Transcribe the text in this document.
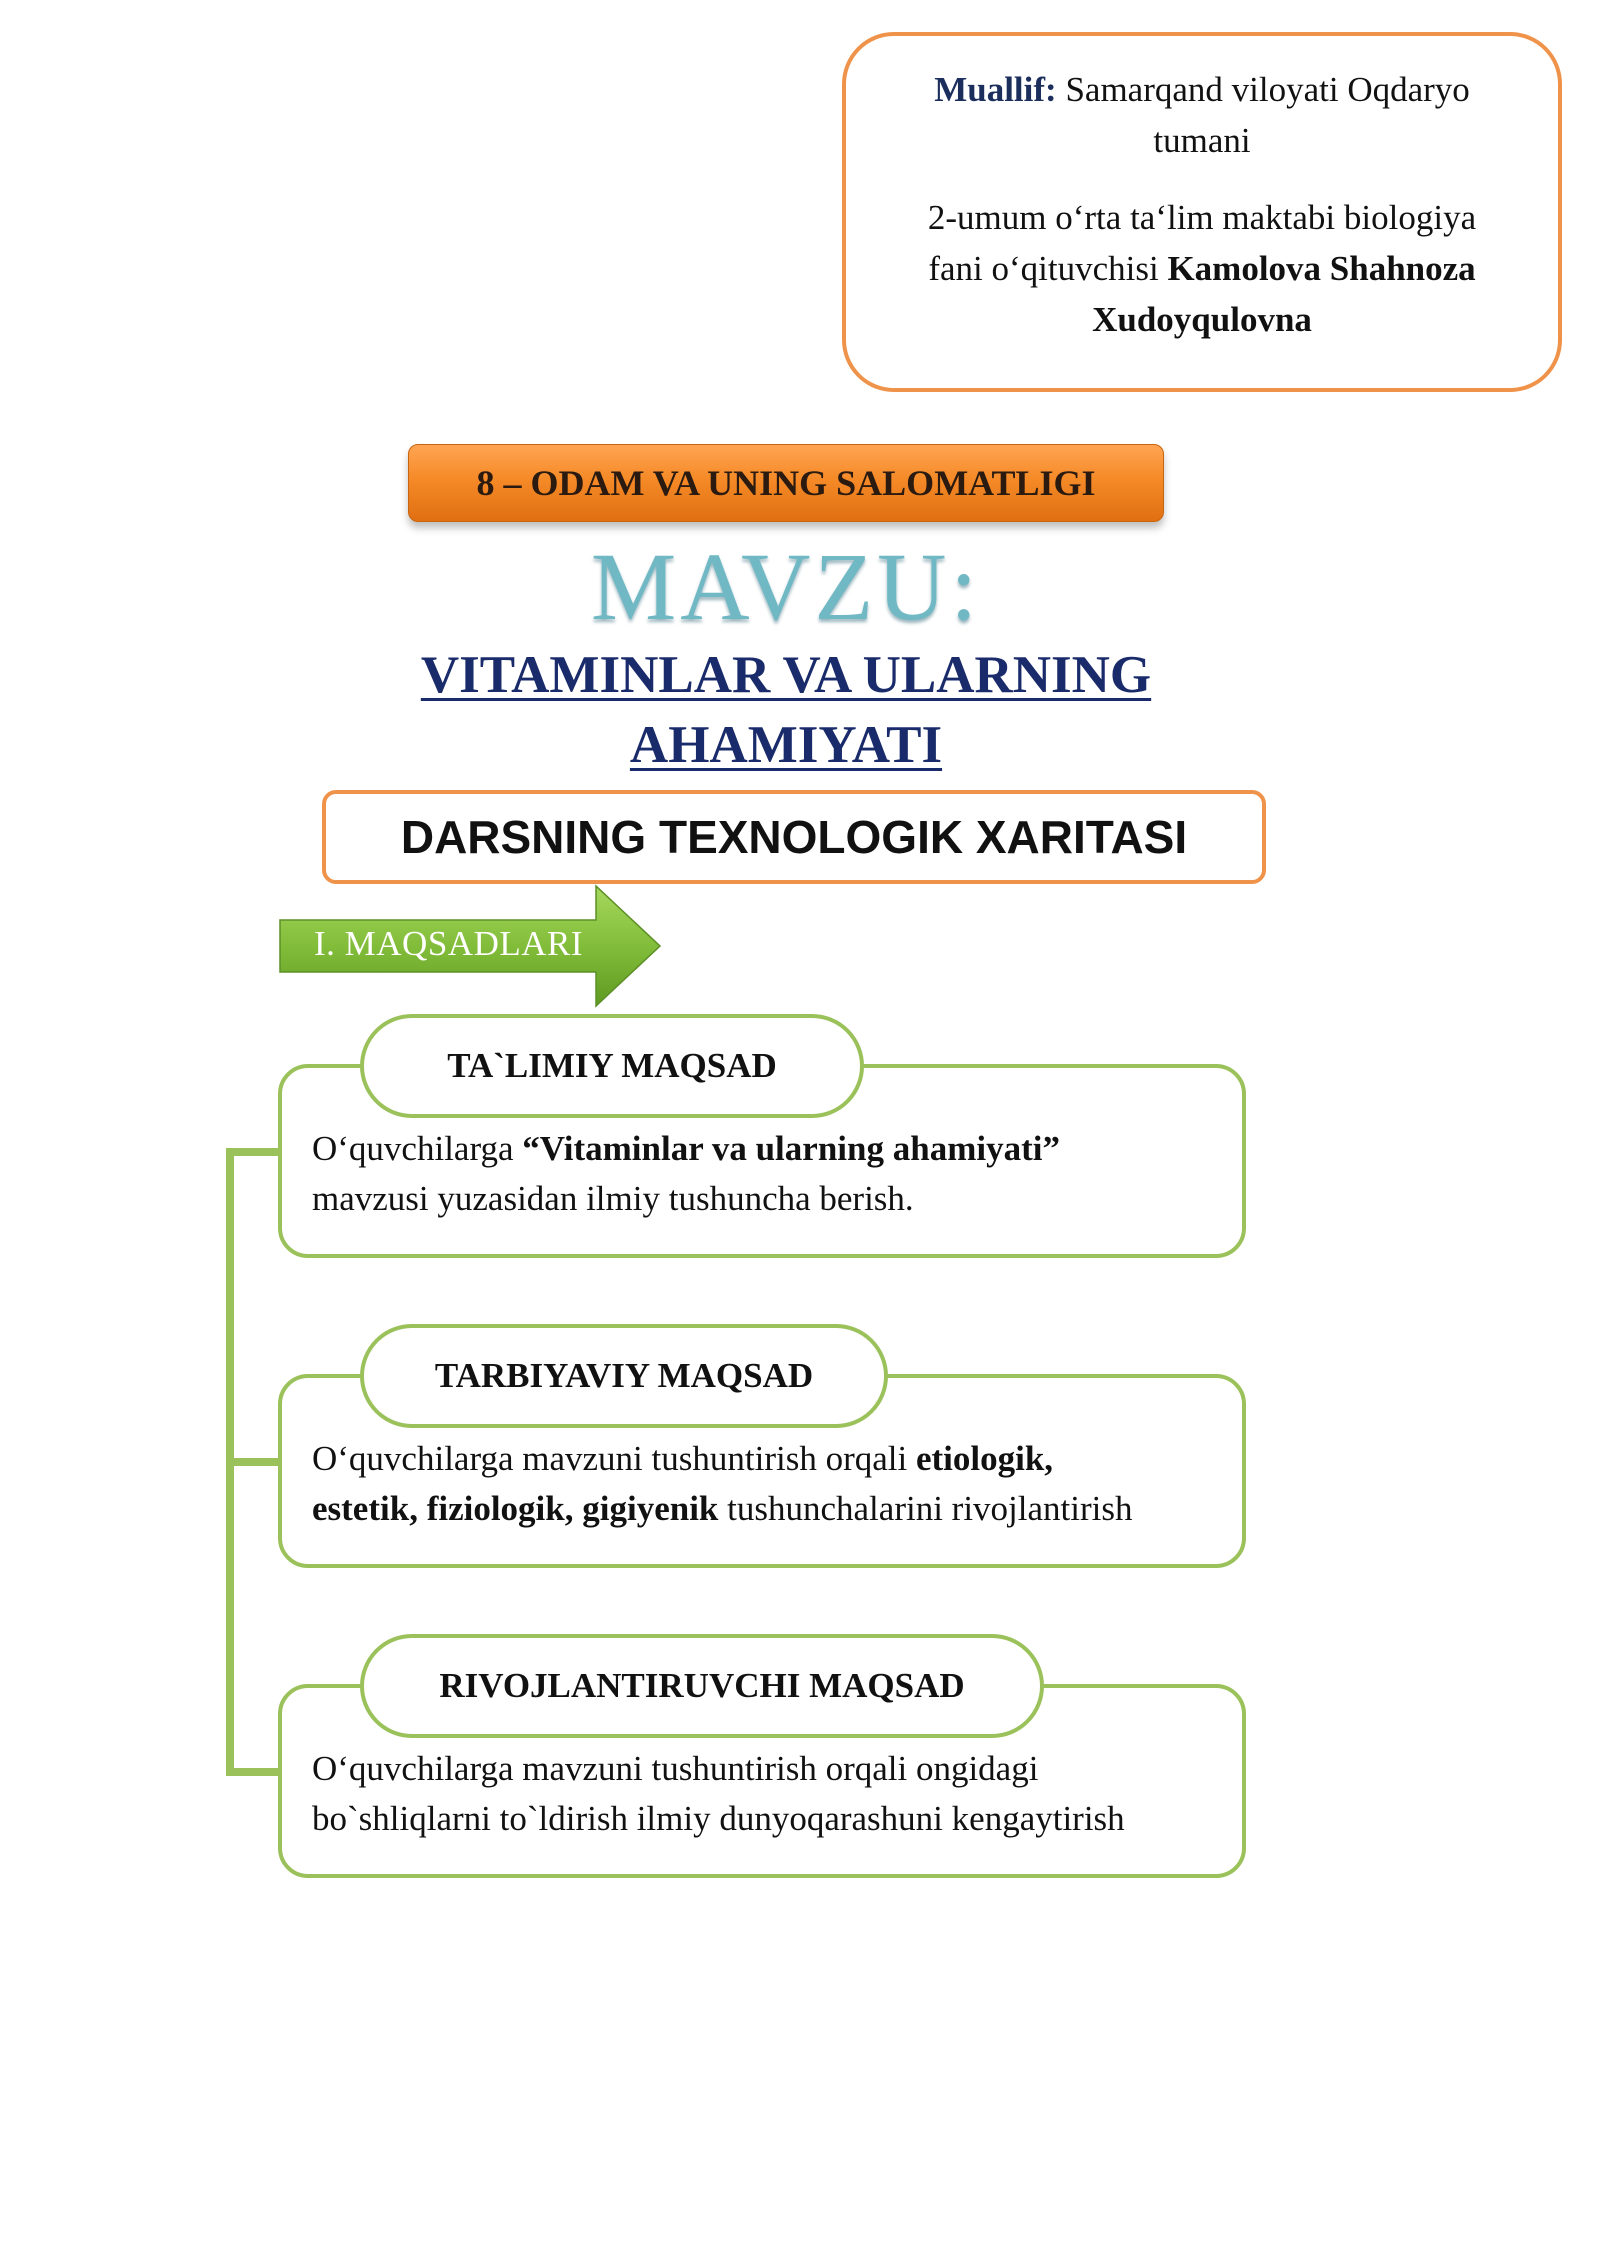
Muallif: Samarqand viloyati Oqdaryo

tumani

2-umum o‘rta ta‘lim maktabi biologiya

fani o‘qituvchisi Kamolova Shahnoza

Xudoyqulovna

8 – ODAM VA UNING SALOMATLIGI
MAVZU:
VITAMINLAR VA ULARNING
AHAMIYATI
DARSNING TEXNOLOGIK XARITASI
I. MAQSADLARI
O‘quvchilarga “Vitaminlar va ularning ahamiyati”
mavzusi yuzasidan ilmiy tushuncha berish.
TA`LIMIY MAQSAD
O‘quvchilarga mavzuni tushuntirish orqali etiologik,
estetik, fiziologik, gigiyenik tushunchalarini rivojlantirish
TARBIYAVIY MAQSAD
O‘quvchilarga mavzuni tushuntirish orqali ongidagi
bo`shliqlarni to`ldirish ilmiy dunyoqarashuni kengaytirish
RIVOJLANTIRUVCHI MAQSAD
